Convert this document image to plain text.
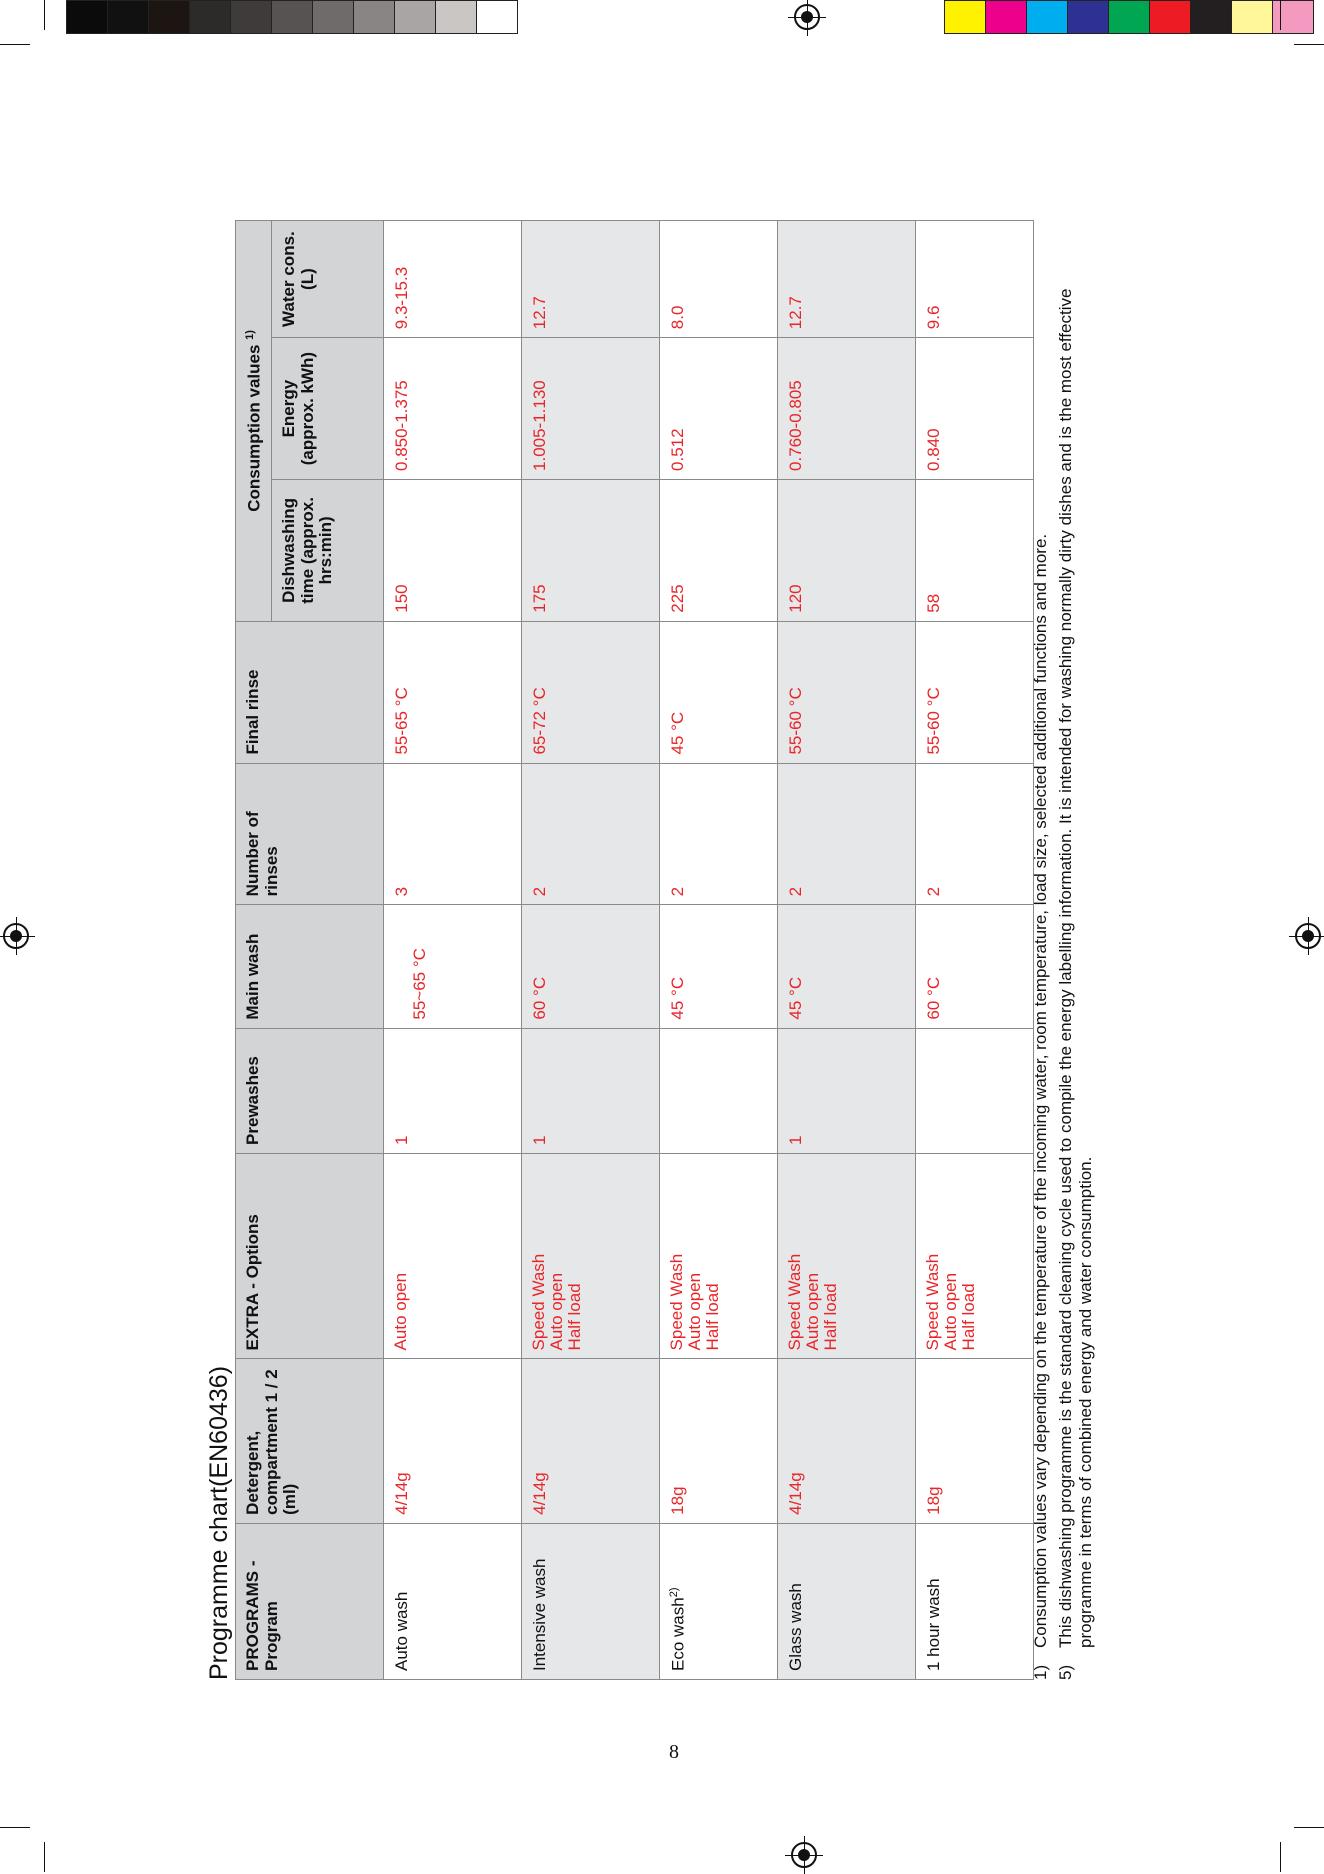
8
Programme chart(EN60436) PROGRAMS - Program	Detergent, compartment 1 / 2 (ml)	EXTRA - Options	Prewashes	Main wash	Number of rinses	Final rinse	Consumption values $^{1)}$
							Dishwashing time (approx. hrs:min)	Energy (approx. kWh)	Water cons. (L)
Auto wash	4/14g	Auto open	1	55~65 °C	3	55-65 °C	150	0.850-1.375	9.3-15.3
Intensive wash	4/14g	Speed Wash
Auto open
Half load	1	60 °C	2	65-72 °C	175	1.005-1.130	12.7
Eco wash$^{2)}$	18g	Speed Wash
Auto open
Half load		45 °C	2	45 °C	225	0.512	8.0
Glass wash	4/14g	Speed Wash
Auto open
Half load	1	45 °C	2	55-60 °C	120	0.760-0.805	12.7
1 hour wash	18g	Speed Wash
Auto open
Half load		60 °C	2	55-60 °C	58	0.840	9.6
1)
Consumption values vary depending on the temperature of the incoming water, room temperature, load size, selected additional functions and more.
5)
This dishwashing programme is the standard cleaning cycle used to compile the energy labelling information. It is intended for washing normally dirty dishes and is the most effective programme in terms of combined energy and water consumption.
